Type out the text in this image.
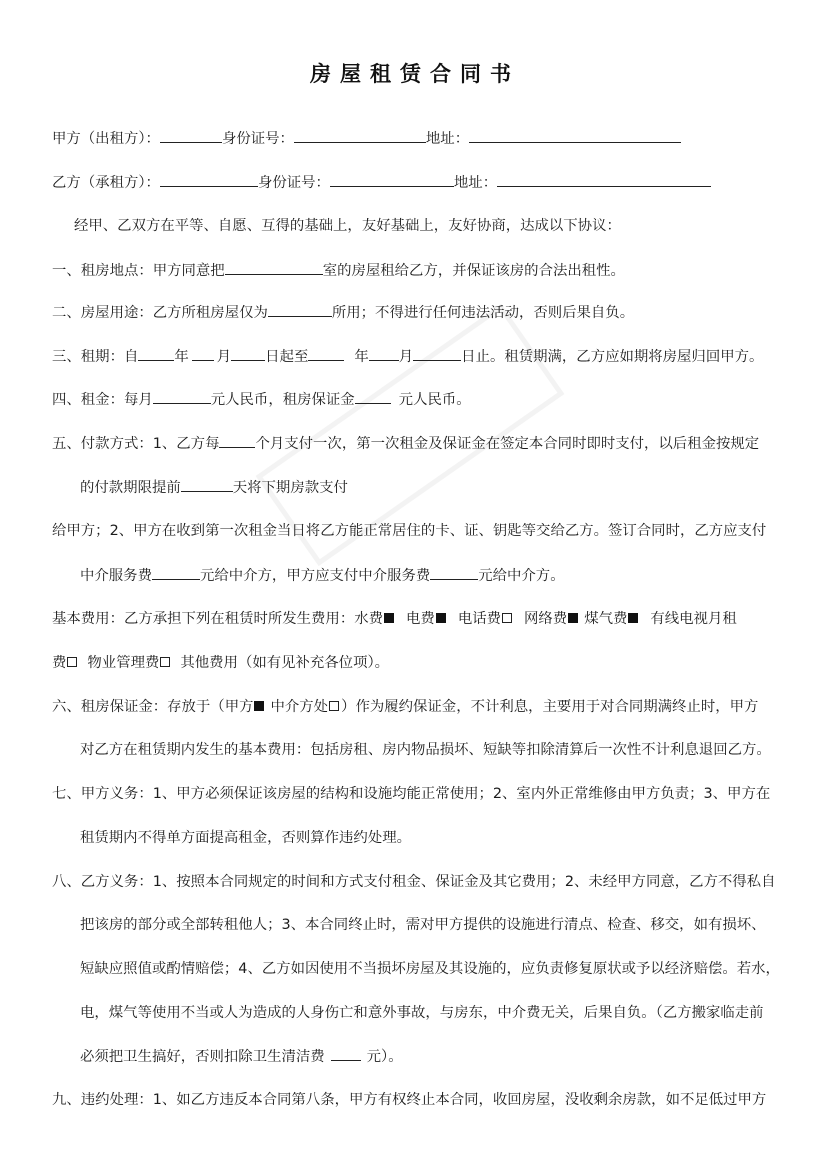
房屋租赁合同书
甲方（出租方）：	身份证号：	地址：
乙方（承租方）：	身份证号：	地址：
经甲、乙双方在平等、自愿、互得的基础上，友好基础上，友好协商，达成以下协议：
一、租房地点：甲方同意把	室的房屋租给乙方，并保证该房的合法出租性。
二、房屋用途：乙方所租房屋仅为	所用；不得进行任何违法活动，否则后果自负。
三、租期：自	年 月 日起至	年 月	日止。租赁期满，乙方应如期将房屋归回甲方。
四、租金：每月	元人民币，租房保证金	元人民币。
五、付款方式：1、乙方每	个月支付一次，第一次租金及保证金在签定本合同时即时支付，以后租金按规定
的付款期限提前	天将下期房款支付
给甲方；2、甲方在收到第一次租金当日将乙方能正常居住的卡、证、钥匙等交给乙方。签订合同时，乙方应支付
中介服务费	元给中介方，甲方应支付中介服务费	元给中介方。
基本费用：乙方承担下列在租赁时所发生费用：水费 电费 电话费 网络费 煤气费 有线电视月租
费 物业管理费 其他费用（如有见补充各位项）。
六、租房保证金：存放于（甲方 中介方处 ）作为履约保证金，不计利息，主要用于对合同期满终止时，甲方
对乙方在租赁期内发生的基本费用：包括房租、房内物品损坏、短缺等扣除清算后一次性不计利息退回乙方。
七、甲方义务：1、甲方必须保证该房屋的结构和设施均能正常使用；2、室内外正常维修由甲方负责；3、甲方在
租赁期内不得单方面提高租金，否则算作违约处理。
八、乙方义务：1、按照本合同规定的时间和方式支付租金、保证金及其它费用；2、未经甲方同意，乙方不得私自
把该房的部分或全部转租他人；3、本合同终止时，需对甲方提供的设施进行清点、检查、移交，如有损坏、
短缺应照值或酌情赔偿；4、乙方如因使用不当损坏房屋及其设施的，应负责修复原状或予以经济赔偿。若水，
电，煤气等使用不当或人为造成的人身伤亡和意外事故，与房东，中介费无关，后果自负。（乙方搬家临走前
必须把卫生搞好，否则扣除卫生清洁费	元）。
九、违约处理：1、如乙方违反本合同第八条，甲方有权终止本合同，收回房屋，没收剩余房款，如不足低过甲方
